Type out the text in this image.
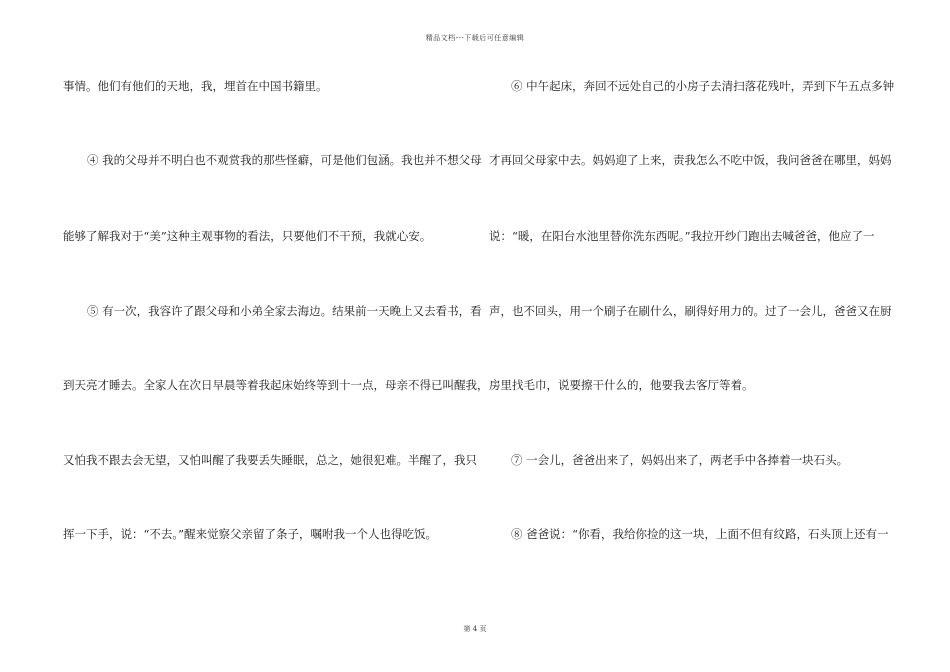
精品文档---下载后可任意编辑
事情。他们有他们的天地，我，埋首在中国书籍里。
④ 我的父母并不明白也不观赏我的那些怪癖，可是他们包涵。我也并不想父母
能够了解我对于“美”这种主观事物的看法，只要他们不干预，我就心安。
⑤ 有一次，我容许了跟父母和小弟全家去海边。结果前一天晚上又去看书，看
到天亮才睡去。全家人在次日早晨等着我起床始终等到十一点，母亲不得已叫醒我，
又怕我不跟去会无望，又怕叫醒了我要丢失睡眠，总之，她很犯难。半醒了，我只
挥一下手，说：“不去。”醒来觉察父亲留了条子，嘱咐我一个人也得吃饭。
⑥ 中午起床，奔回不远处自己的小房子去清扫落花残叶，弄到下午五点多钟
才再回父母家中去。妈妈迎了上来，责我怎么不吃中饭，我问爸爸在哪里，妈妈
说：“暖，在阳台水池里替你洗东西呢。”我拉开纱门跑出去喊爸爸，他应了一
声，也不回头，用一个刷子在刷什么，刷得好用力的。过了一会儿，爸爸又在厨
房里找毛巾，说要擦干什么的，他要我去客厅等着。
⑦ 一会儿，爸爸出来了，妈妈出来了，两老手中各捧着一块石头。
⑧ 爸爸说：“你看，我给你捡的这一块，上面不但有纹路，石头顶上还有一
第 4 页
